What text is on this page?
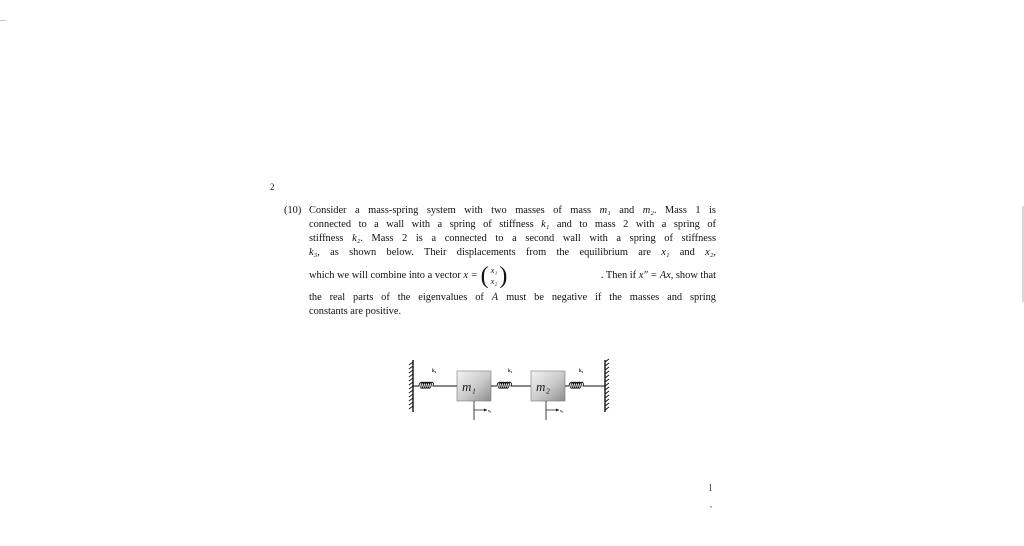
2
(10) Consider a mass-spring system with two masses of mass m₁ and m₂. Mass 1 is
connected to a wall with a spring of stiffness k₁ and to mass 2 with a spring of
stiffness k₂. Mass 2 is a connected to a second wall with a spring of stiffness
k₃, as shown below. Their displacements from the equilibrium are x₁ and x₂,
which we will combine into a vector x = ( x₁
x₂ )	. Then if x″ = Ax, show that
the real parts of the eigenvalues of A must be negative if the masses and spring
constants are positive.
m₁	m₂
k₁	k₂	k₃
x₁	x₂
l
,
